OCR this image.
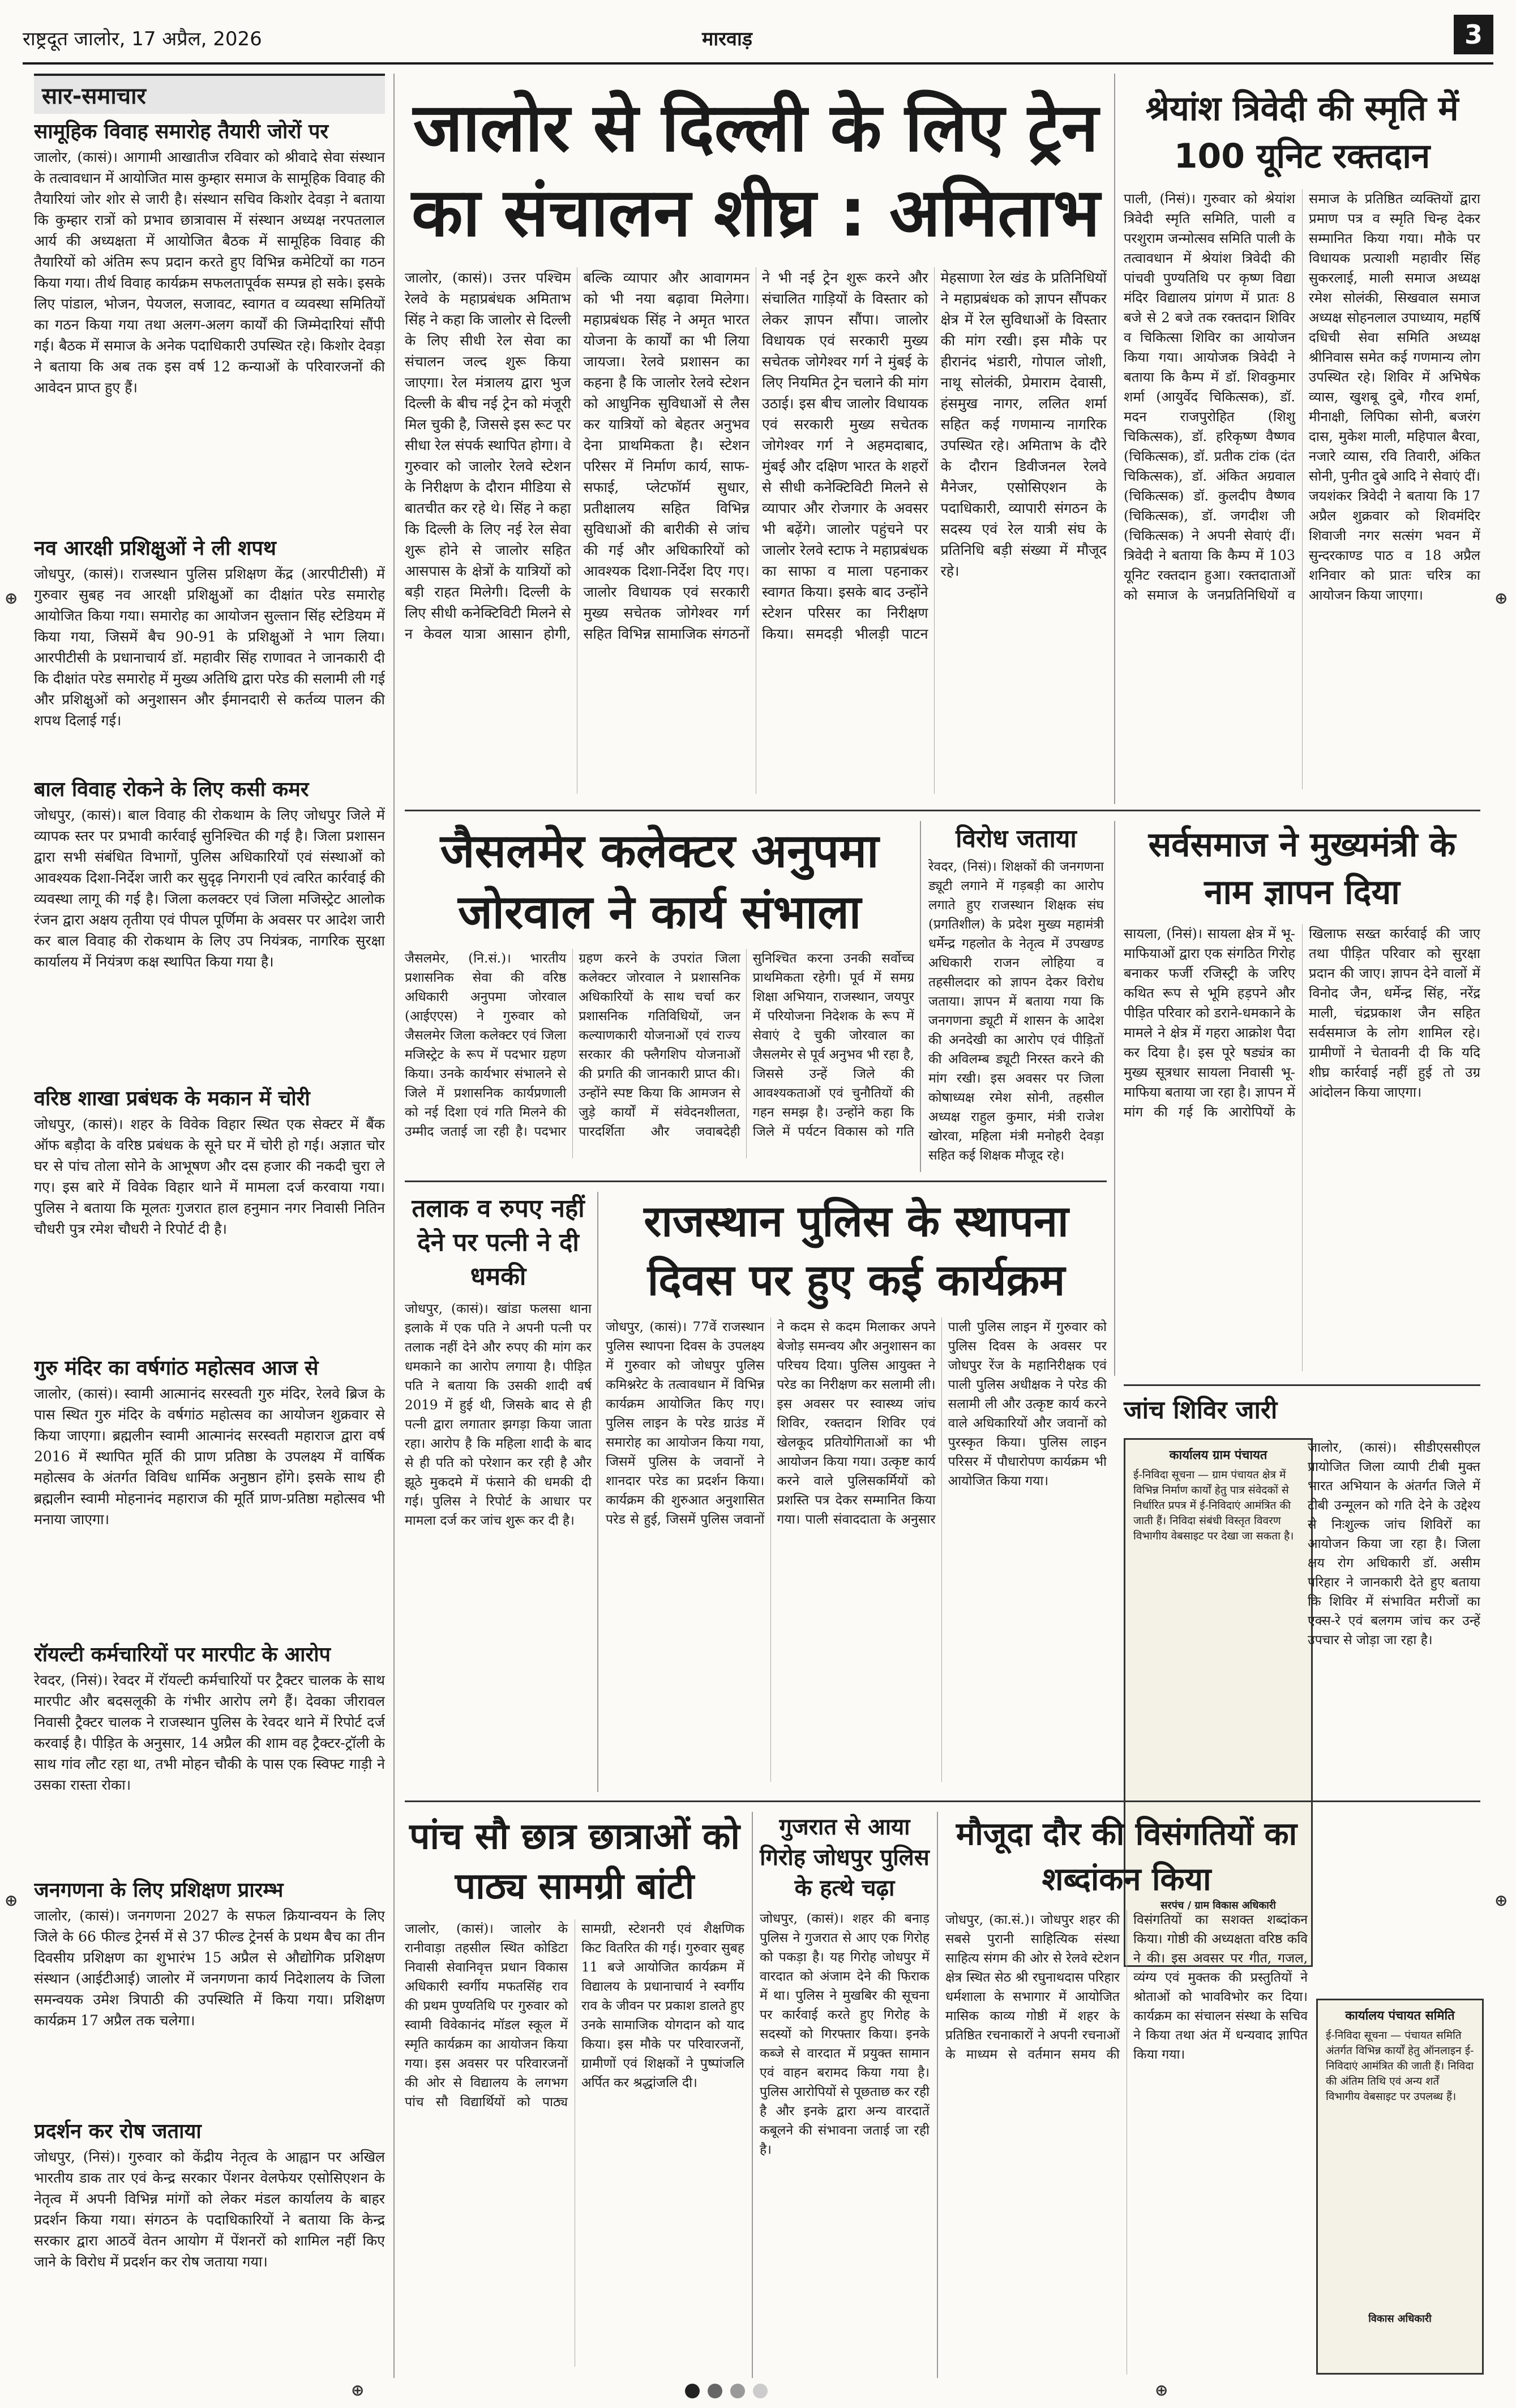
राष्ट्रदूत जालोर, 17 अप्रैल, 2026	मारवाड़	3
⊕	⊕
⊕	⊕
⊕	⊕
सार-समाचार

सामूहिक विवाह समारोह तैयारी जोरों पर

जालोर, (कासं)। आगामी आखातीज रविवार को श्रीवादे सेवा संस्थान के तत्वावधान में आयोजित मास कुम्हार समाज के सामूहिक विवाह की तैयारियां जोर शोर से जारी है। संस्थान सचिव किशोर देवड़ा ने बताया कि कुम्हार रात्रों को प्रभाव छात्रावास में संस्थान अध्यक्ष नरपतलाल आर्य की अध्यक्षता में आयोजित बैठक में सामूहिक विवाह की तैयारियों को अंतिम रूप प्रदान करते हुए विभिन्न कमेटियों का गठन किया गया। तीर्थ विवाह कार्यक्रम सफलतापूर्वक सम्पन्न हो सके। इसके लिए पांडाल, भोजन, पेयजल, सजावट, स्वागत व व्यवस्था समितियों का गठन किया गया तथा अलग-अलग कार्यों की जिम्मेदारियां सौंपी गई। बैठक में समाज के अनेक पदाधिकारी उपस्थित रहे। किशोर देवड़ा ने बताया कि अब तक इस वर्ष 12 कन्याओं के परिवारजनों की आवेदन प्राप्त हुए हैं।

नव आरक्षी प्रशिक्षुओं ने ली शपथ

जोधपुर, (कासं)। राजस्थान पुलिस प्रशिक्षण केंद्र (आरपीटीसी) में गुरुवार सुबह नव आरक्षी प्रशिक्षुओं का दीक्षांत परेड समारोह आयोजित किया गया। समारोह का आयोजन सुल्तान सिंह स्टेडियम में किया गया, जिसमें बैच 90-91 के प्रशिक्षुओं ने भाग लिया। आरपीटीसी के प्रधानाचार्य डॉ. महावीर सिंह राणावत ने जानकारी दी कि दीक्षांत परेड समारोह में मुख्य अतिथि द्वारा परेड की सलामी ली गई और प्रशिक्षुओं को अनुशासन और ईमानदारी से कर्तव्य पालन की शपथ दिलाई गई।

बाल विवाह रोकने के लिए कसी कमर

जोधपुर, (कासं)। बाल विवाह की रोकथाम के लिए जोधपुर जिले में व्यापक स्तर पर प्रभावी कार्रवाई सुनिश्चित की गई है। जिला प्रशासन द्वारा सभी संबंधित विभागों, पुलिस अधिकारियों एवं संस्थाओं को आवश्यक दिशा-निर्देश जारी कर सुदृढ़ निगरानी एवं त्वरित कार्रवाई की व्यवस्था लागू की गई है। जिला कलक्टर एवं जिला मजिस्ट्रेट आलोक रंजन द्वारा अक्षय तृतीया एवं पीपल पूर्णिमा के अवसर पर आदेश जारी कर बाल विवाह की रोकथाम के लिए उप नियंत्रक, नागरिक सुरक्षा कार्यालय में नियंत्रण कक्ष स्थापित किया गया है।

वरिष्ठ शाखा प्रबंधक के मकान में चोरी

जोधपुर, (कासं)। शहर के विवेक विहार स्थित एक सेक्टर में बैंक ऑफ बड़ौदा के वरिष्ठ प्रबंधक के सूने घर में चोरी हो गई। अज्ञात चोर घर से पांच तोला सोने के आभूषण और दस हजार की नकदी चुरा ले गए। इस बारे में विवेक विहार थाने में मामला दर्ज करवाया गया। पुलिस ने बताया कि मूलतः गुजरात हाल हनुमान नगर निवासी नितिन चौधरी पुत्र रमेश चौधरी ने रिपोर्ट दी है।

गुरु मंदिर का वर्षगांठ महोत्सव आज से

जालोर, (कासं)। स्वामी आत्मानंद सरस्वती गुरु मंदिर, रेलवे ब्रिज के पास स्थित गुरु मंदिर के वर्षगांठ महोत्सव का आयोजन शुक्रवार से किया जाएगा। ब्रह्मलीन स्वामी आत्मानंद सरस्वती महाराज द्वारा वर्ष 2016 में स्थापित मूर्ति की प्राण प्रतिष्ठा के उपलक्ष्य में वार्षिक महोत्सव के अंतर्गत विविध धार्मिक अनुष्ठान होंगे। इसके साथ ही ब्रह्मलीन स्वामी मोहनानंद महाराज की मूर्ति प्राण-प्रतिष्ठा महोत्सव भी मनाया जाएगा।

रॉयल्टी कर्मचारियों पर मारपीट के आरोप

रेवदर, (निसं)। रेवदर में रॉयल्टी कर्मचारियों पर ट्रैक्टर चालक के साथ मारपीट और बदसलूकी के गंभीर आरोप लगे हैं। देवका जीरावल निवासी ट्रैक्टर चालक ने राजस्थान पुलिस के रेवदर थाने में रिपोर्ट दर्ज करवाई है। पीड़ित के अनुसार, 14 अप्रैल की शाम वह ट्रैक्टर-ट्रॉली के साथ गांव लौट रहा था, तभी मोहन चौकी के पास एक स्विफ्ट गाड़ी ने उसका रास्ता रोका।

जनगणना के लिए प्रशिक्षण प्रारम्भ

जालोर, (कासं)। जनगणना 2027 के सफल क्रियान्वयन के लिए जिले के 66 फील्ड ट्रेनर्स में से 37 फील्ड ट्रेनर्स के प्रथम बैच का तीन दिवसीय प्रशिक्षण का शुभारंभ 15 अप्रैल से औद्योगिक प्रशिक्षण संस्थान (आईटीआई) जालोर में जनगणना कार्य निदेशालय के जिला समन्वयक उमेश त्रिपाठी की उपस्थिति में किया गया। प्रशिक्षण कार्यक्रम 17 अप्रैल तक चलेगा।

प्रदर्शन कर रोष जताया

जोधपुर, (निसं)। गुरुवार को केंद्रीय नेतृत्व के आह्वान पर अखिल भारतीय डाक तार एवं केन्द्र सरकार पेंशनर वेलफेयर एसोसिएशन के नेतृत्व में अपनी विभिन्न मांगों को लेकर मंडल कार्यालय के बाहर प्रदर्शन किया गया। संगठन के पदाधिकारियों ने बताया कि केन्द्र सरकार द्वारा आठवें वेतन आयोग में पेंशनरों को शामिल नहीं किए जाने के विरोध में प्रदर्शन कर रोष जताया गया।

जालोर से दिल्ली के लिए ट्रेन का संचालन शीघ्र : अमिताभ
जालोर, (कासं)। उत्तर पश्चिम रेलवे के महाप्रबंधक अमिताभ सिंह ने कहा कि जालोर से दिल्ली के लिए सीधी रेल सेवा का संचालन जल्द शुरू किया जाएगा। रेल मंत्रालय द्वारा भुज दिल्ली के बीच नई ट्रेन को मंजूरी मिल चुकी है, जिससे इस रूट पर सीधा रेल संपर्क स्थापित होगा। वे गुरुवार को जालोर रेलवे स्टेशन के निरीक्षण के दौरान मीडिया से बातचीत कर रहे थे। सिंह ने कहा कि दिल्ली के लिए नई रेल सेवा शुरू होने से जालोर सहित आसपास के क्षेत्रों के यात्रियों को बड़ी राहत मिलेगी। दिल्ली के लिए सीधी कनेक्टिविटी मिलने से न केवल यात्रा आसान होगी, बल्कि व्यापार और आवागमन को भी नया बढ़ावा मिलेगा। महाप्रबंधक सिंह ने अमृत भारत योजना के कार्यों का भी लिया जायजा। रेलवे प्रशासन का कहना है कि जालोर रेलवे स्टेशन को आधुनिक सुविधाओं से लैस कर यात्रियों को बेहतर अनुभव देना प्राथमिकता है। स्टेशन परिसर में निर्माण कार्य, साफ-सफाई, प्लेटफॉर्म सुधार, प्रतीक्षालय सहित विभिन्न सुविधाओं की बारीकी से जांच की गई और अधिकारियों को आवश्यक दिशा-निर्देश दिए गए। जालोर विधायक एवं सरकारी मुख्य सचेतक जोगेश्वर गर्ग सहित विभिन्न सामाजिक संगठनों ने भी नई ट्रेन शुरू करने और संचालित गाड़ियों के विस्तार को लेकर ज्ञापन सौंपा। जालोर विधायक एवं सरकारी मुख्य सचेतक जोगेश्वर गर्ग ने मुंबई के लिए नियमित ट्रेन चलाने की मांग उठाई। इस बीच जालोर विधायक एवं सरकारी मुख्य सचेतक जोगेश्वर गर्ग ने अहमदाबाद, मुंबई और दक्षिण भारत के शहरों से सीधी कनेक्टिविटी मिलने से व्यापार और रोजगार के अवसर भी बढ़ेंगे। जालोर पहुंचने पर जालोर रेलवे स्टाफ ने महाप्रबंधक का साफा व माला पहनाकर स्वागत किया। इसके बाद उन्होंने स्टेशन परिसर का निरीक्षण किया। समदड़ी भीलड़ी पाटन मेहसाणा रेल खंड के प्रतिनिधियों ने महाप्रबंधक को ज्ञापन सौंपकर क्षेत्र में रेल सुविधाओं के विस्तार की मांग रखी। इस मौके पर हीरानंद भंडारी, गोपाल जोशी, नाथू सोलंकी, प्रेमाराम देवासी, हंसमुख नागर, ललित शर्मा सहित कई गणमान्य नागरिक उपस्थित रहे। अमिताभ के दौरे के दौरान डिवीजनल रेलवे मैनेजर, एसोसिएशन के पदाधिकारी, व्यापारी संगठन के सदस्य एवं रेल यात्री संघ के प्रतिनिधि बड़ी संख्या में मौजूद रहे।
श्रेयांश त्रिवेदी की स्मृति में 100 यूनिट रक्तदान
पाली, (निसं)। गुरुवार को श्रेयांश त्रिवेदी स्मृति समिति, पाली व परशुराम जन्मोत्सव समिति पाली के तत्वावधान में श्रेयांश त्रिवेदी की पांचवी पुण्यतिथि पर कृष्ण विद्या मंदिर विद्यालय प्रांगण में प्रातः 8 बजे से 2 बजे तक रक्तदान शिविर व चिकित्सा शिविर का आयोजन किया गया। आयोजक त्रिवेदी ने बताया कि कैम्प में डॉ. शिवकुमार शर्मा (आयुर्वेद चिकित्सक), डॉ. मदन राजपुरोहित (शिशु चिकित्सक), डॉ. हरिकृष्ण वैष्णव (चिकित्सक), डॉ. प्रतीक टांक (दंत चिकित्सक), डॉ. अंकित अग्रवाल (चिकित्सक) डॉ. कुलदीप वैष्णव (चिकित्सक), डॉ. जगदीश जी (चिकित्सक) ने अपनी सेवाएं दीं। त्रिवेदी ने बताया कि कैम्प में 103 यूनिट रक्तदान हुआ। रक्तदाताओं को समाज के जनप्रतिनिधियों व समाज के प्रतिष्ठित व्यक्तियों द्वारा प्रमाण पत्र व स्मृति चिन्ह देकर सम्मानित किया गया। मौके पर विधायक प्रत्याशी महावीर सिंह सुकरलाई, माली समाज अध्यक्ष रमेश सोलंकी, सिखवाल समाज अध्यक्ष सोहनलाल उपाध्याय, महर्षि दधिची सेवा समिति अध्यक्ष श्रीनिवास समेत कई गणमान्य लोग उपस्थित रहे। शिविर में अभिषेक व्यास, खुशबू दुबे, गौरव शर्मा, मीनाक्षी, लिपिका सोनी, बजरंग दास, मुकेश माली, महिपाल बैरवा, नजारे व्यास, रवि तिवारी, अंकित सोनी, पुनीत दुबे आदि ने सेवाएं दीं। जयशंकर त्रिवेदी ने बताया कि 17 अप्रैल शुक्रवार को शिवमंदिर शिवाजी नगर सत्संग भवन में सुन्दरकाण्ड पाठ व 18 अप्रैल शनिवार को प्रातः चरित्र का आयोजन किया जाएगा।
जैसलमेर कलेक्टर अनुपमा जोरवाल ने कार्य संभाला
जैसलमेर, (नि.सं.)। भारतीय प्रशासनिक सेवा की वरिष्ठ अधिकारी अनुपमा जोरवाल (आईएएस) ने गुरुवार को जैसलमेर जिला कलेक्टर एवं जिला मजिस्ट्रेट के रूप में पदभार ग्रहण किया। उनके कार्यभार संभालने से जिले में प्रशासनिक कार्यप्रणाली को नई दिशा एवं गति मिलने की उम्मीद जताई जा रही है। पदभार ग्रहण करने के उपरांत जिला कलेक्टर जोरवाल ने प्रशासनिक अधिकारियों के साथ चर्चा कर प्रशासनिक गतिविधियों, जन कल्याणकारी योजनाओं एवं राज्य सरकार की फ्लैगशिप योजनाओं की प्रगति की जानकारी प्राप्त की। उन्होंने स्पष्ट किया कि आमजन से जुड़े कार्यों में संवेदनशीलता, पारदर्शिता और जवाबदेही सुनिश्चित करना उनकी सर्वोच्च प्राथमिकता रहेगी। पूर्व में समग्र शिक्षा अभियान, राजस्थान, जयपुर में परियोजना निदेशक के रूप में सेवाएं दे चुकी जोरवाल का जैसलमेर से पूर्व अनुभव भी रहा है, जिससे उन्हें जिले की आवश्यकताओं एवं चुनौतियों की गहन समझ है। उन्होंने कहा कि जिले में पर्यटन विकास को गति
विरोध जताया
रेवदर, (निसं)। शिक्षकों की जनगणना ड्यूटी लगाने में गड़बड़ी का आरोप लगाते हुए राजस्थान शिक्षक संघ (प्रगतिशील) के प्रदेश मुख्य महामंत्री धर्मेन्द्र गहलोत के नेतृत्व में उपखण्ड अधिकारी राजन लोहिया व तहसीलदार को ज्ञापन देकर विरोध जताया। ज्ञापन में बताया गया कि जनगणना ड्यूटी में शासन के आदेश की अनदेखी का आरोप एवं पीड़ितों की अविलम्ब ड्यूटी निरस्त करने की मांग रखी। इस अवसर पर जिला कोषाध्यक्ष रमेश सोनी, तहसील अध्यक्ष राहुल कुमार, मंत्री राजेश खोरवा, महिला मंत्री मनोहरी देवड़ा सहित कई शिक्षक मौजूद रहे।
सर्वसमाज ने मुख्यमंत्री के नाम ज्ञापन दिया
सायला, (निसं)। सायला क्षेत्र में भू-माफियाओं द्वारा एक संगठित गिरोह बनाकर फर्जी रजिस्ट्री के जरिए कथित रूप से भूमि हड़पने और पीड़ित परिवार को डराने-धमकाने के मामले ने क्षेत्र में गहरा आक्रोश पैदा कर दिया है। इस पूरे षड्यंत्र का मुख्य सूत्रधार सायला निवासी भू-माफिया बताया जा रहा है। ज्ञापन में मांग की गई कि आरोपियों के खिलाफ सख्त कार्रवाई की जाए तथा पीड़ित परिवार को सुरक्षा प्रदान की जाए। ज्ञापन देने वालों में विनोद जैन, धर्मेन्द्र सिंह, नरेंद्र माली, चंद्रप्रकाश जैन सहित सर्वसमाज के लोग शामिल रहे। ग्रामीणों ने चेतावनी दी कि यदि शीघ्र कार्रवाई नहीं हुई तो उग्र आंदोलन किया जाएगा।
तलाक व रुपए नहीं देने पर पत्नी ने दी धमकी
जोधपुर, (कासं)। खांडा फलसा थाना इलाके में एक पति ने अपनी पत्नी पर तलाक नहीं देने और रुपए की मांग कर धमकाने का आरोप लगाया है। पीड़ित पति ने बताया कि उसकी शादी वर्ष 2019 में हुई थी, जिसके बाद से ही पत्नी द्वारा लगातार झगड़ा किया जाता रहा। आरोप है कि महिला शादी के बाद से ही पति को परेशान कर रही है और झूठे मुकदमे में फंसाने की धमकी दी गई। पुलिस ने रिपोर्ट के आधार पर मामला दर्ज कर जांच शुरू कर दी है।
राजस्थान पुलिस के स्थापना दिवस पर हुए कई कार्यक्रम
जोधपुर, (कासं)। 77वें राजस्थान पुलिस स्थापना दिवस के उपलक्ष्य में गुरुवार को जोधपुर पुलिस कमिश्नरेट के तत्वावधान में विभिन्न कार्यक्रम आयोजित किए गए। पुलिस लाइन के परेड ग्राउंड में समारोह का आयोजन किया गया, जिसमें पुलिस के जवानों ने शानदार परेड का प्रदर्शन किया। कार्यक्रम की शुरुआत अनुशासित परेड से हुई, जिसमें पुलिस जवानों ने कदम से कदम मिलाकर अपने बेजोड़ समन्वय और अनुशासन का परिचय दिया। पुलिस आयुक्त ने परेड का निरीक्षण कर सलामी ली। इस अवसर पर स्वास्थ्य जांच शिविर, रक्तदान शिविर एवं खेलकूद प्रतियोगिताओं का भी आयोजन किया गया। उत्कृष्ट कार्य करने वाले पुलिसकर्मियों को प्रशस्ति पत्र देकर सम्मानित किया गया। पाली संवाददाता के अनुसार पाली पुलिस लाइन में गुरुवार को पुलिस दिवस के अवसर पर जोधपुर रेंज के महानिरीक्षक एवं पाली पुलिस अधीक्षक ने परेड की सलामी ली और उत्कृष्ट कार्य करने वाले अधिकारियों और जवानों को पुरस्कृत किया। पुलिस लाइन परिसर में पौधारोपण कार्यक्रम भी आयोजित किया गया।
जांच शिविर जारी
कार्यालय ग्राम पंचायत
ई-निविदा सूचना — ग्राम पंचायत क्षेत्र में विभिन्न निर्माण कार्यों हेतु पात्र संवेदकों से निर्धारित प्रपत्र में ई-निविदाएं आमंत्रित की जाती हैं। निविदा संबंधी विस्तृत विवरण विभागीय वेबसाइट पर देखा जा सकता है।
सरपंच / ग्राम विकास अधिकारी
जालोर, (कासं)। सीडीएससीएल प्रायोजित जिला व्यापी टीबी मुक्त भारत अभियान के अंतर्गत जिले में टीबी उन्मूलन को गति देने के उद्देश्य से निःशुल्क जांच शिविरों का आयोजन किया जा रहा है। जिला क्षय रोग अधिकारी डॉ. असीम परिहार ने जानकारी देते हुए बताया कि शिविर में संभावित मरीजों का एक्स-रे एवं बलगम जांच कर उन्हें उपचार से जोड़ा जा रहा है।
पांच सौ छात्र छात्राओं को पाठ्य सामग्री बांटी
जालोर, (कासं)। जालोर के रानीवाड़ा तहसील स्थित कोडिटा निवासी सेवानिवृत्त प्रधान विकास अधिकारी स्वर्गीय मफतसिंह राव की प्रथम पुण्यतिथि पर गुरुवार को स्वामी विवेकानंद मॉडल स्कूल में स्मृति कार्यक्रम का आयोजन किया गया। इस अवसर पर परिवारजनों की ओर से विद्यालय के लगभग पांच सौ विद्यार्थियों को पाठ्य सामग्री, स्टेशनरी एवं शैक्षणिक किट वितरित की गई। गुरुवार सुबह 11 बजे आयोजित कार्यक्रम में विद्यालय के प्रधानाचार्य ने स्वर्गीय राव के जीवन पर प्रकाश डालते हुए उनके सामाजिक योगदान को याद किया। इस मौके पर परिवारजनों, ग्रामीणों एवं शिक्षकों ने पुष्पांजलि अर्पित कर श्रद्धांजलि दी।
गुजरात से आया गिरोह जोधपुर पुलिस के हत्थे चढ़ा
जोधपुर, (कासं)। शहर की बनाड़ पुलिस ने गुजरात से आए एक गिरोह को पकड़ा है। यह गिरोह जोधपुर में वारदात को अंजाम देने की फिराक में था। पुलिस ने मुखबिर की सूचना पर कार्रवाई करते हुए गिरोह के सदस्यों को गिरफ्तार किया। इनके कब्जे से वारदात में प्रयुक्त सामान एवं वाहन बरामद किया गया है। पुलिस आरोपियों से पूछताछ कर रही है और इनके द्वारा अन्य वारदातें कबूलने की संभावना जताई जा रही है।
मौजूदा दौर की विसंगतियों का शब्दांकन किया
जोधपुर, (का.सं.)। जोधपुर शहर की सबसे पुरानी साहित्यिक संस्था साहित्य संगम की ओर से रेलवे स्टेशन क्षेत्र स्थित सेठ श्री रघुनाथदास परिहार धर्मशाला के सभागार में आयोजित मासिक काव्य गोष्ठी में शहर के प्रतिष्ठित रचनाकारों ने अपनी रचनाओं के माध्यम से वर्तमान समय की विसंगतियों का सशक्त शब्दांकन किया। गोष्ठी की अध्यक्षता वरिष्ठ कवि ने की। इस अवसर पर गीत, गजल, व्यंग्य एवं मुक्तक की प्रस्तुतियों ने श्रोताओं को भावविभोर कर दिया। कार्यक्रम का संचालन संस्था के सचिव ने किया तथा अंत में धन्यवाद ज्ञापित किया गया।
कार्यालय पंचायत समिति
ई-निविदा सूचना — पंचायत समिति अंतर्गत विभिन्न कार्यों हेतु ऑनलाइन ई-निविदाएं आमंत्रित की जाती हैं। निविदा की अंतिम तिथि एवं अन्य शर्तें विभागीय वेबसाइट पर उपलब्ध हैं।
विकास अधिकारी
